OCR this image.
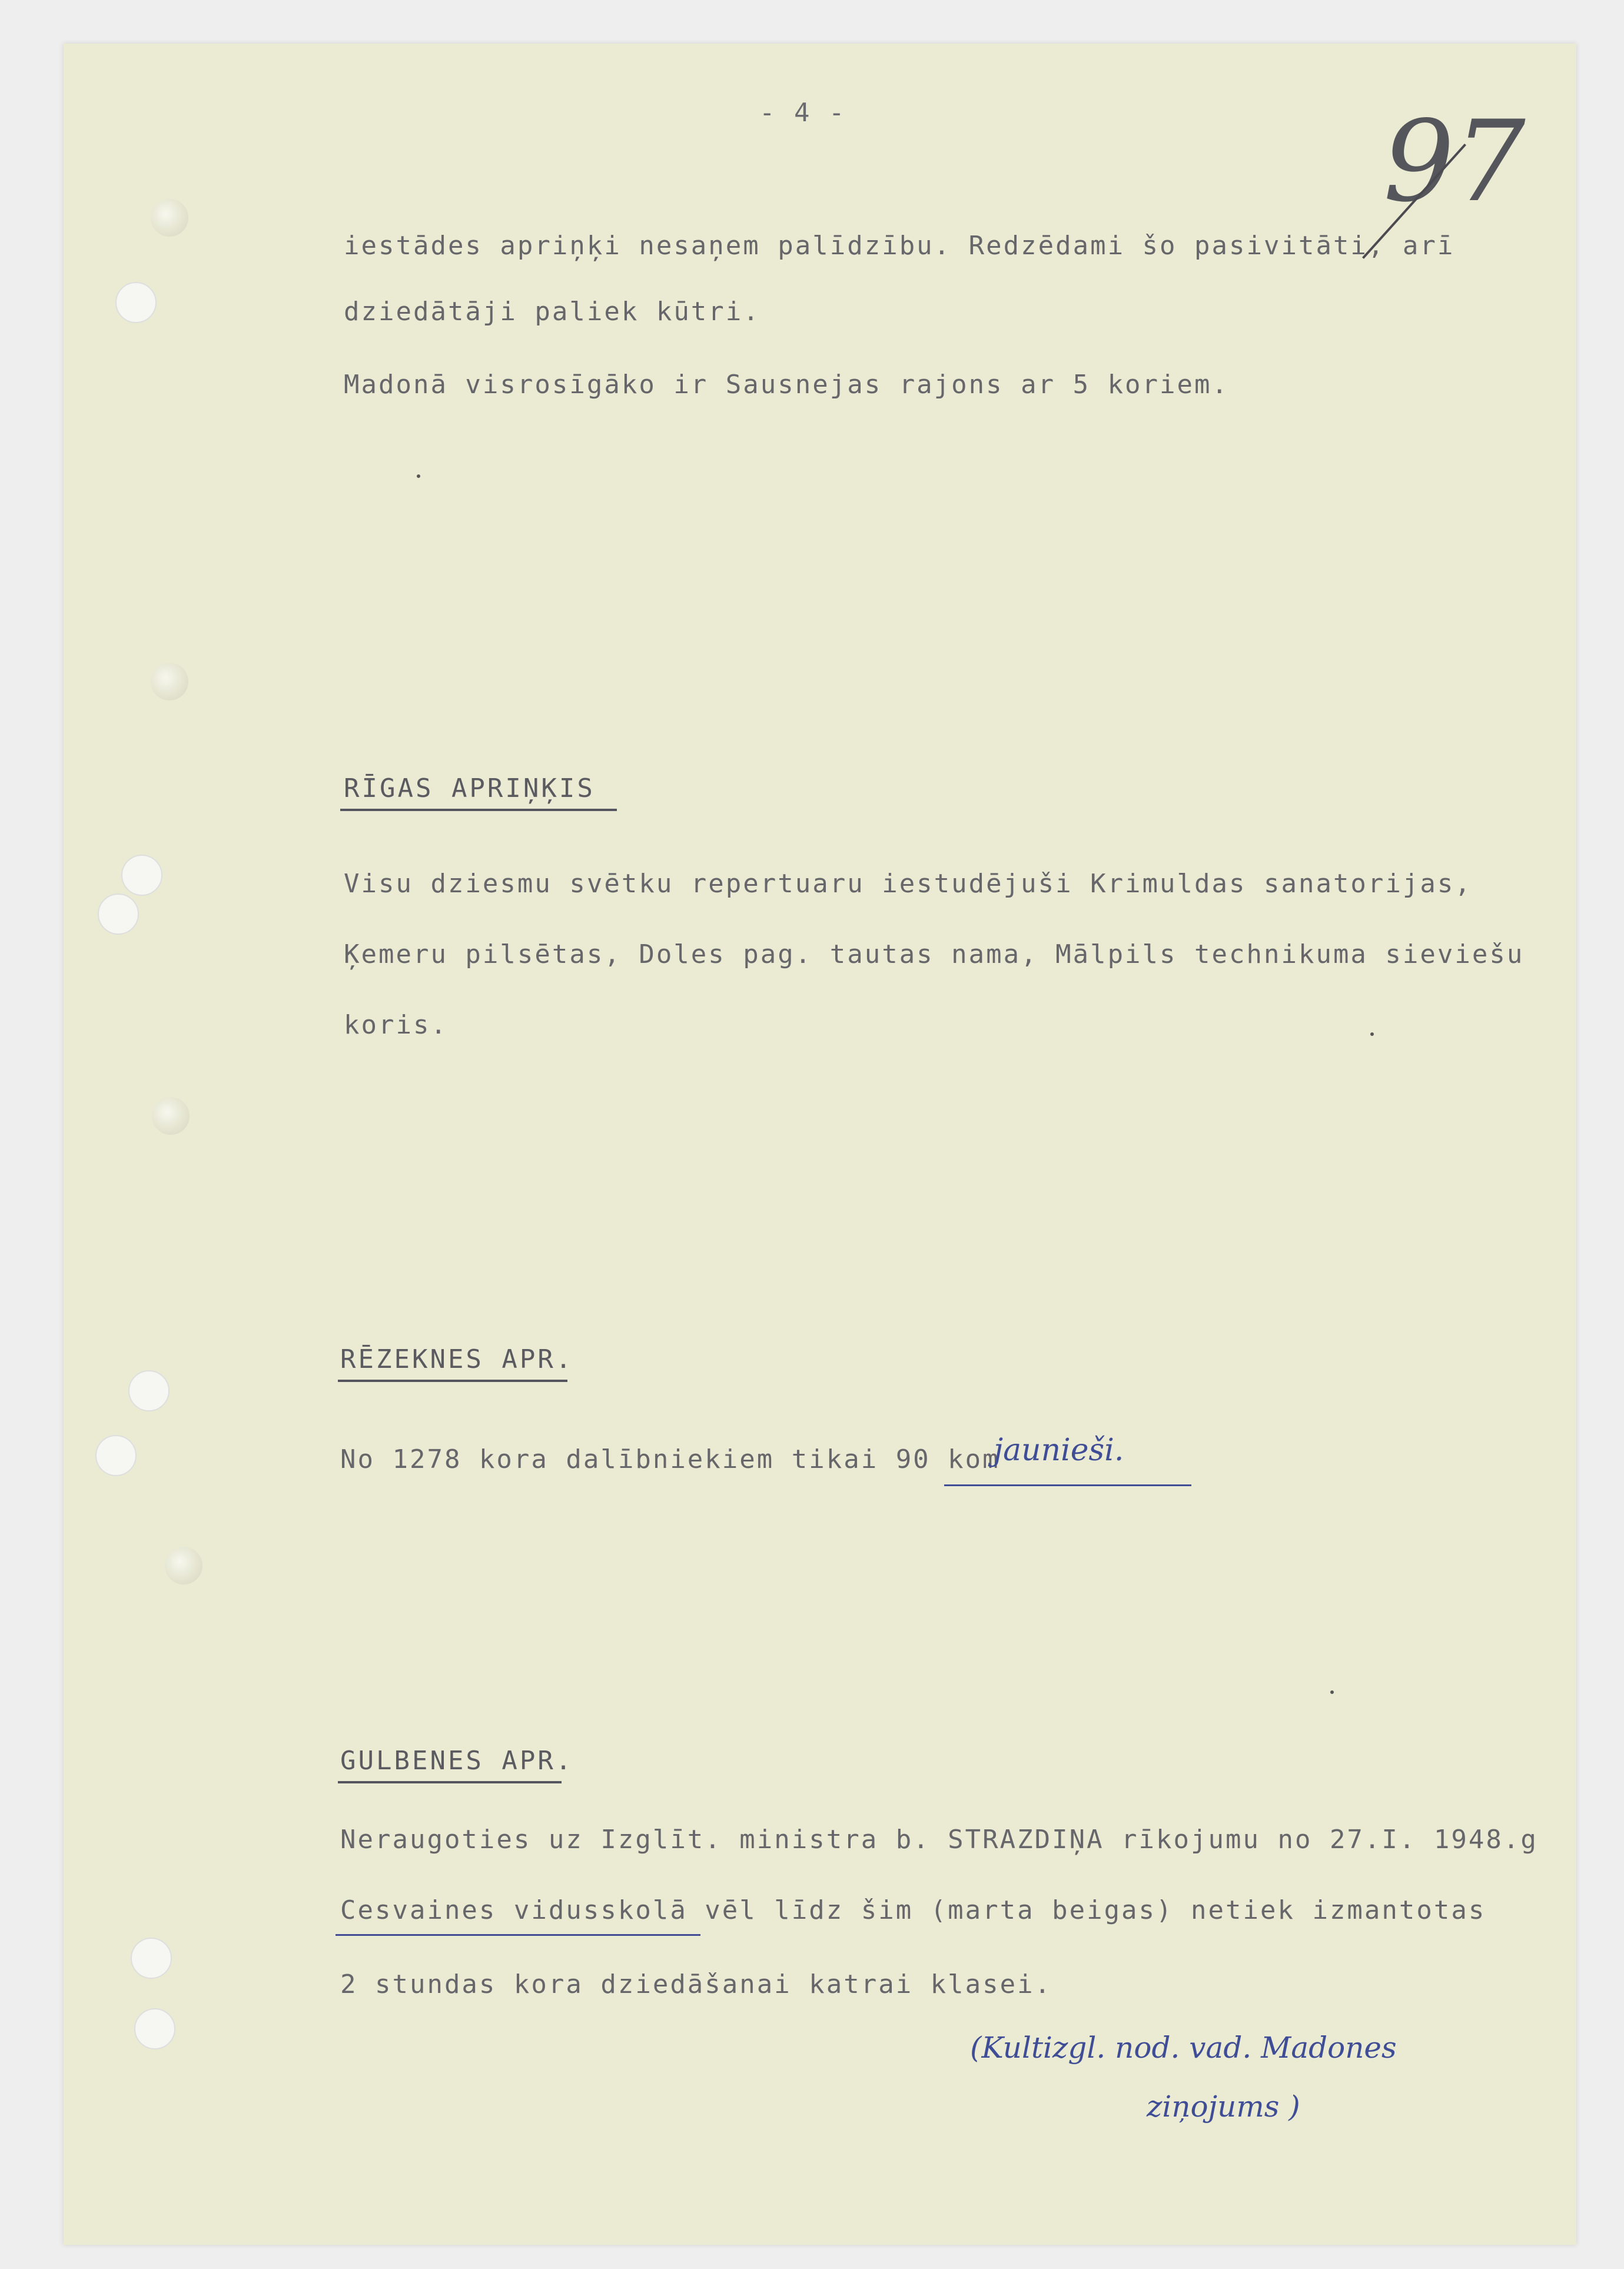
- 4 -	97
iestādes apriņķi nesaņem palīdzību. Redzēdami šo pasivitāti, arī
dziedātāji paliek kūtri.
Madonā visrosīgāko ir Sausnejas rajons ar 5 koriem.
RĪGAS APRIŅĶIS
Visu dziesmu svētku repertuaru iestudējuši Krimuldas sanatorijas,
Ķemeru pilsētas, Doles pag. tautas nama, Mālpils technikuma sieviešu
koris.
RĒZEKNES APR.
No 1278 kora dalībniekiem tikai 90 kom
jaunieši.
GULBENES APR.
Neraugoties uz Izglīt. ministra b. STRAZDIŅA rīkojumu no 27.I. 1948.g
Cesvaines vidusskolā vēl līdz šim (marta beigas) netiek izmantotas
2 stundas kora dziedāšanai katrai klasei.
(Kultizgl. nod. vad. Madones
ziņojums )
